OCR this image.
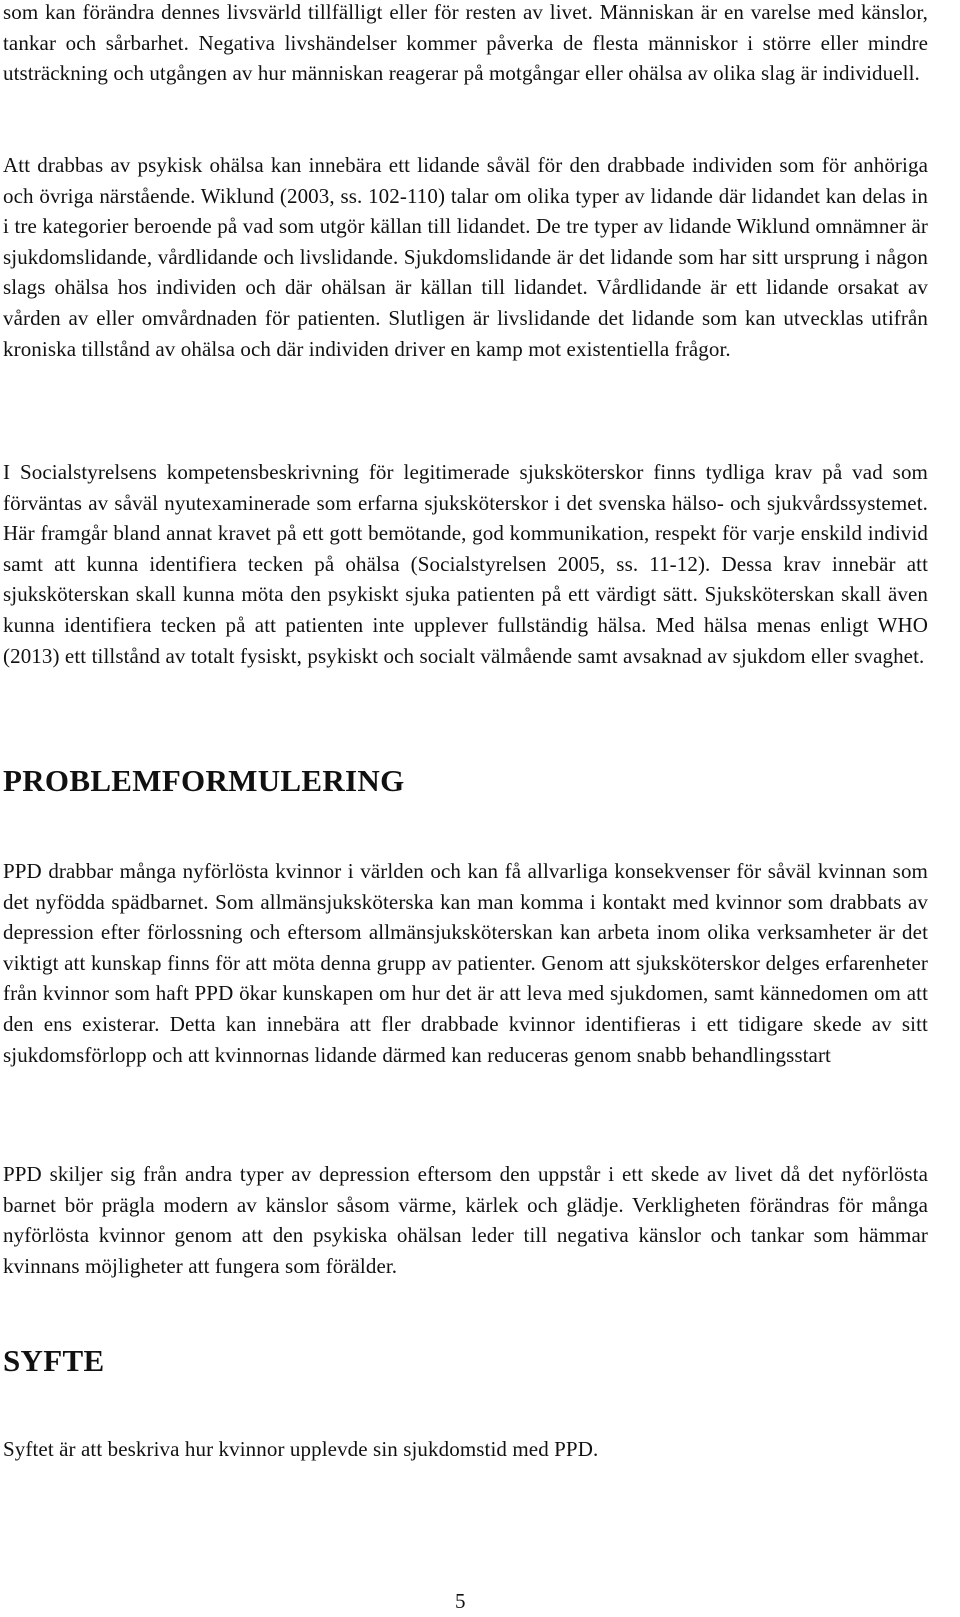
som kan förändra dennes livsvärld tillfälligt eller för resten av livet. Människan är en varelse med känslor, tankar och sårbarhet. Negativa livshändelser kommer påverka de flesta människor i större eller mindre utsträckning och utgången av hur människan reagerar på motgångar eller ohälsa av olika slag är individuell.

Att drabbas av psykisk ohälsa kan innebära ett lidande såväl för den drabbade individen som för anhöriga och övriga närstående. Wiklund (2003, ss. 102-110) talar om olika typer av lidande där lidandet kan delas in i tre kategorier beroende på vad som utgör källan till lidandet. De tre typer av lidande Wiklund omnämner är sjukdomslidande, vårdlidande och livslidande. Sjukdomslidande är det lidande som har sitt ursprung i någon slags ohälsa hos individen och där ohälsan är källan till lidandet. Vårdlidande är ett lidande orsakat av vården av eller omvårdnaden för patienten. Slutligen är livslidande det lidande som kan utvecklas utifrån kroniska tillstånd av ohälsa och där individen driver en kamp mot existentiella frågor.

I Socialstyrelsens kompetensbeskrivning för legitimerade sjuksköterskor finns tydliga krav på vad som förväntas av såväl nyutexaminerade som erfarna sjuksköterskor i det svenska hälso- och sjukvårdssystemet. Här framgår bland annat kravet på ett gott bemötande, god kommunikation, respekt för varje enskild individ samt att kunna identifiera tecken på ohälsa (Socialstyrelsen 2005, ss. 11-12). Dessa krav innebär att sjuksköterskan skall kunna möta den psykiskt sjuka patienten på ett värdigt sätt. Sjuksköterskan skall även kunna identifiera tecken på att patienten inte upplever fullständig hälsa. Med hälsa menas enligt WHO (2013) ett tillstånd av totalt fysiskt, psykiskt och socialt välmående samt avsaknad av sjukdom eller svaghet.

PROBLEMFORMULERING

PPD drabbar många nyförlösta kvinnor i världen och kan få allvarliga konsekvenser för såväl kvinnan som det nyfödda spädbarnet. Som allmänsjuksköterska kan man komma i kontakt med kvinnor som drabbats av depression efter förlossning och eftersom allmänsjuksköterskan kan arbeta inom olika verksamheter är det viktigt att kunskap finns för att möta denna grupp av patienter. Genom att sjuksköterskor delges erfarenheter från kvinnor som haft PPD ökar kunskapen om hur det är att leva med sjukdomen, samt kännedomen om att den ens existerar. Detta kan innebära att fler drabbade kvinnor identifieras i ett tidigare skede av sitt sjukdomsförlopp och att kvinnornas lidande därmed kan reduceras genom snabb behandlingsstart

PPD skiljer sig från andra typer av depression eftersom den uppstår i ett skede av livet då det nyförlösta barnet bör prägla modern av känslor såsom värme, kärlek och glädje. Verkligheten förändras för många nyförlösta kvinnor genom att den psykiska ohälsan leder till negativa känslor och tankar som hämmar kvinnans möjligheter att fungera som förälder.

SYFTE

Syftet är att beskriva hur kvinnor upplevde sin sjukdomstid med PPD.

5
